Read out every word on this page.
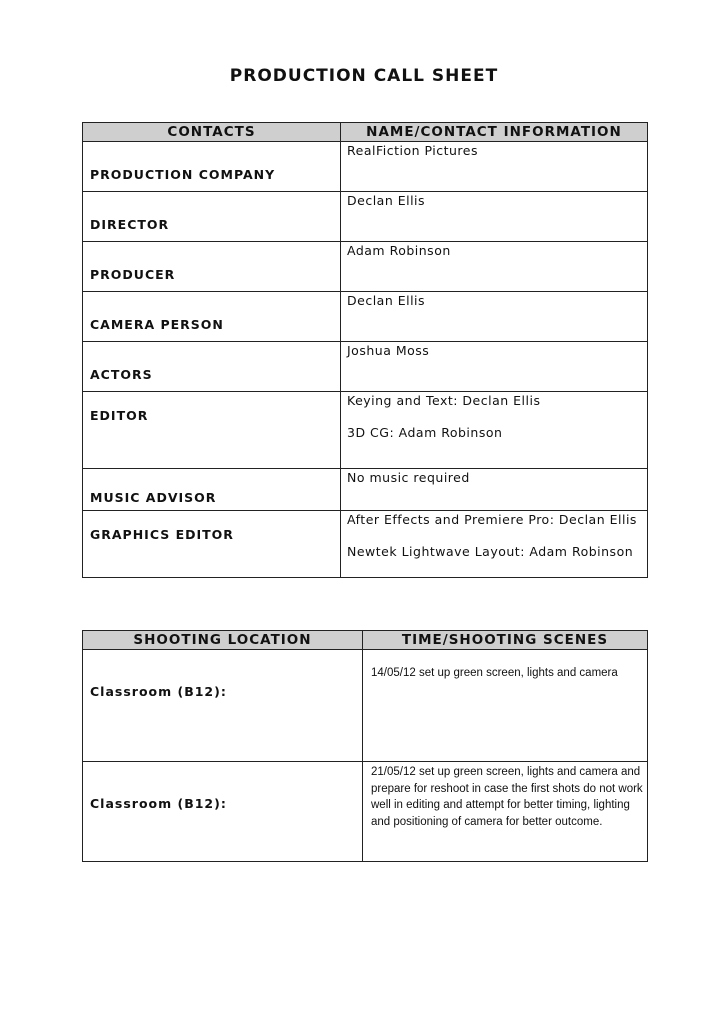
PRODUCTION CALL SHEET
CONTACTS	NAME/CONTACT INFORMATION

PRODUCTION COMPANY	RealFiction Pictures

DIRECTOR	Declan Ellis

PRODUCER	Adam Robinson

CAMERA PERSON	Declan Ellis

ACTORS	Joshua Moss

EDITOR	Keying and Text: Declan Ellis
3D CG: Adam Robinson

MUSIC ADVISOR	No music required

GRAPHICS EDITOR	After Effects and Premiere Pro: Declan Ellis
Newtek Lightwave Layout: Adam Robinson
SHOOTING LOCATION	TIME/SHOOTING SCENES

Classroom (B12):	14/05/12 set up green screen, lights and camera

Classroom (B12):	21/05/12 set up green screen, lights and camera and prepare for reshoot in case the first shots do not work well in editing and attempt for better timing, lighting and positioning of camera for better outcome.
